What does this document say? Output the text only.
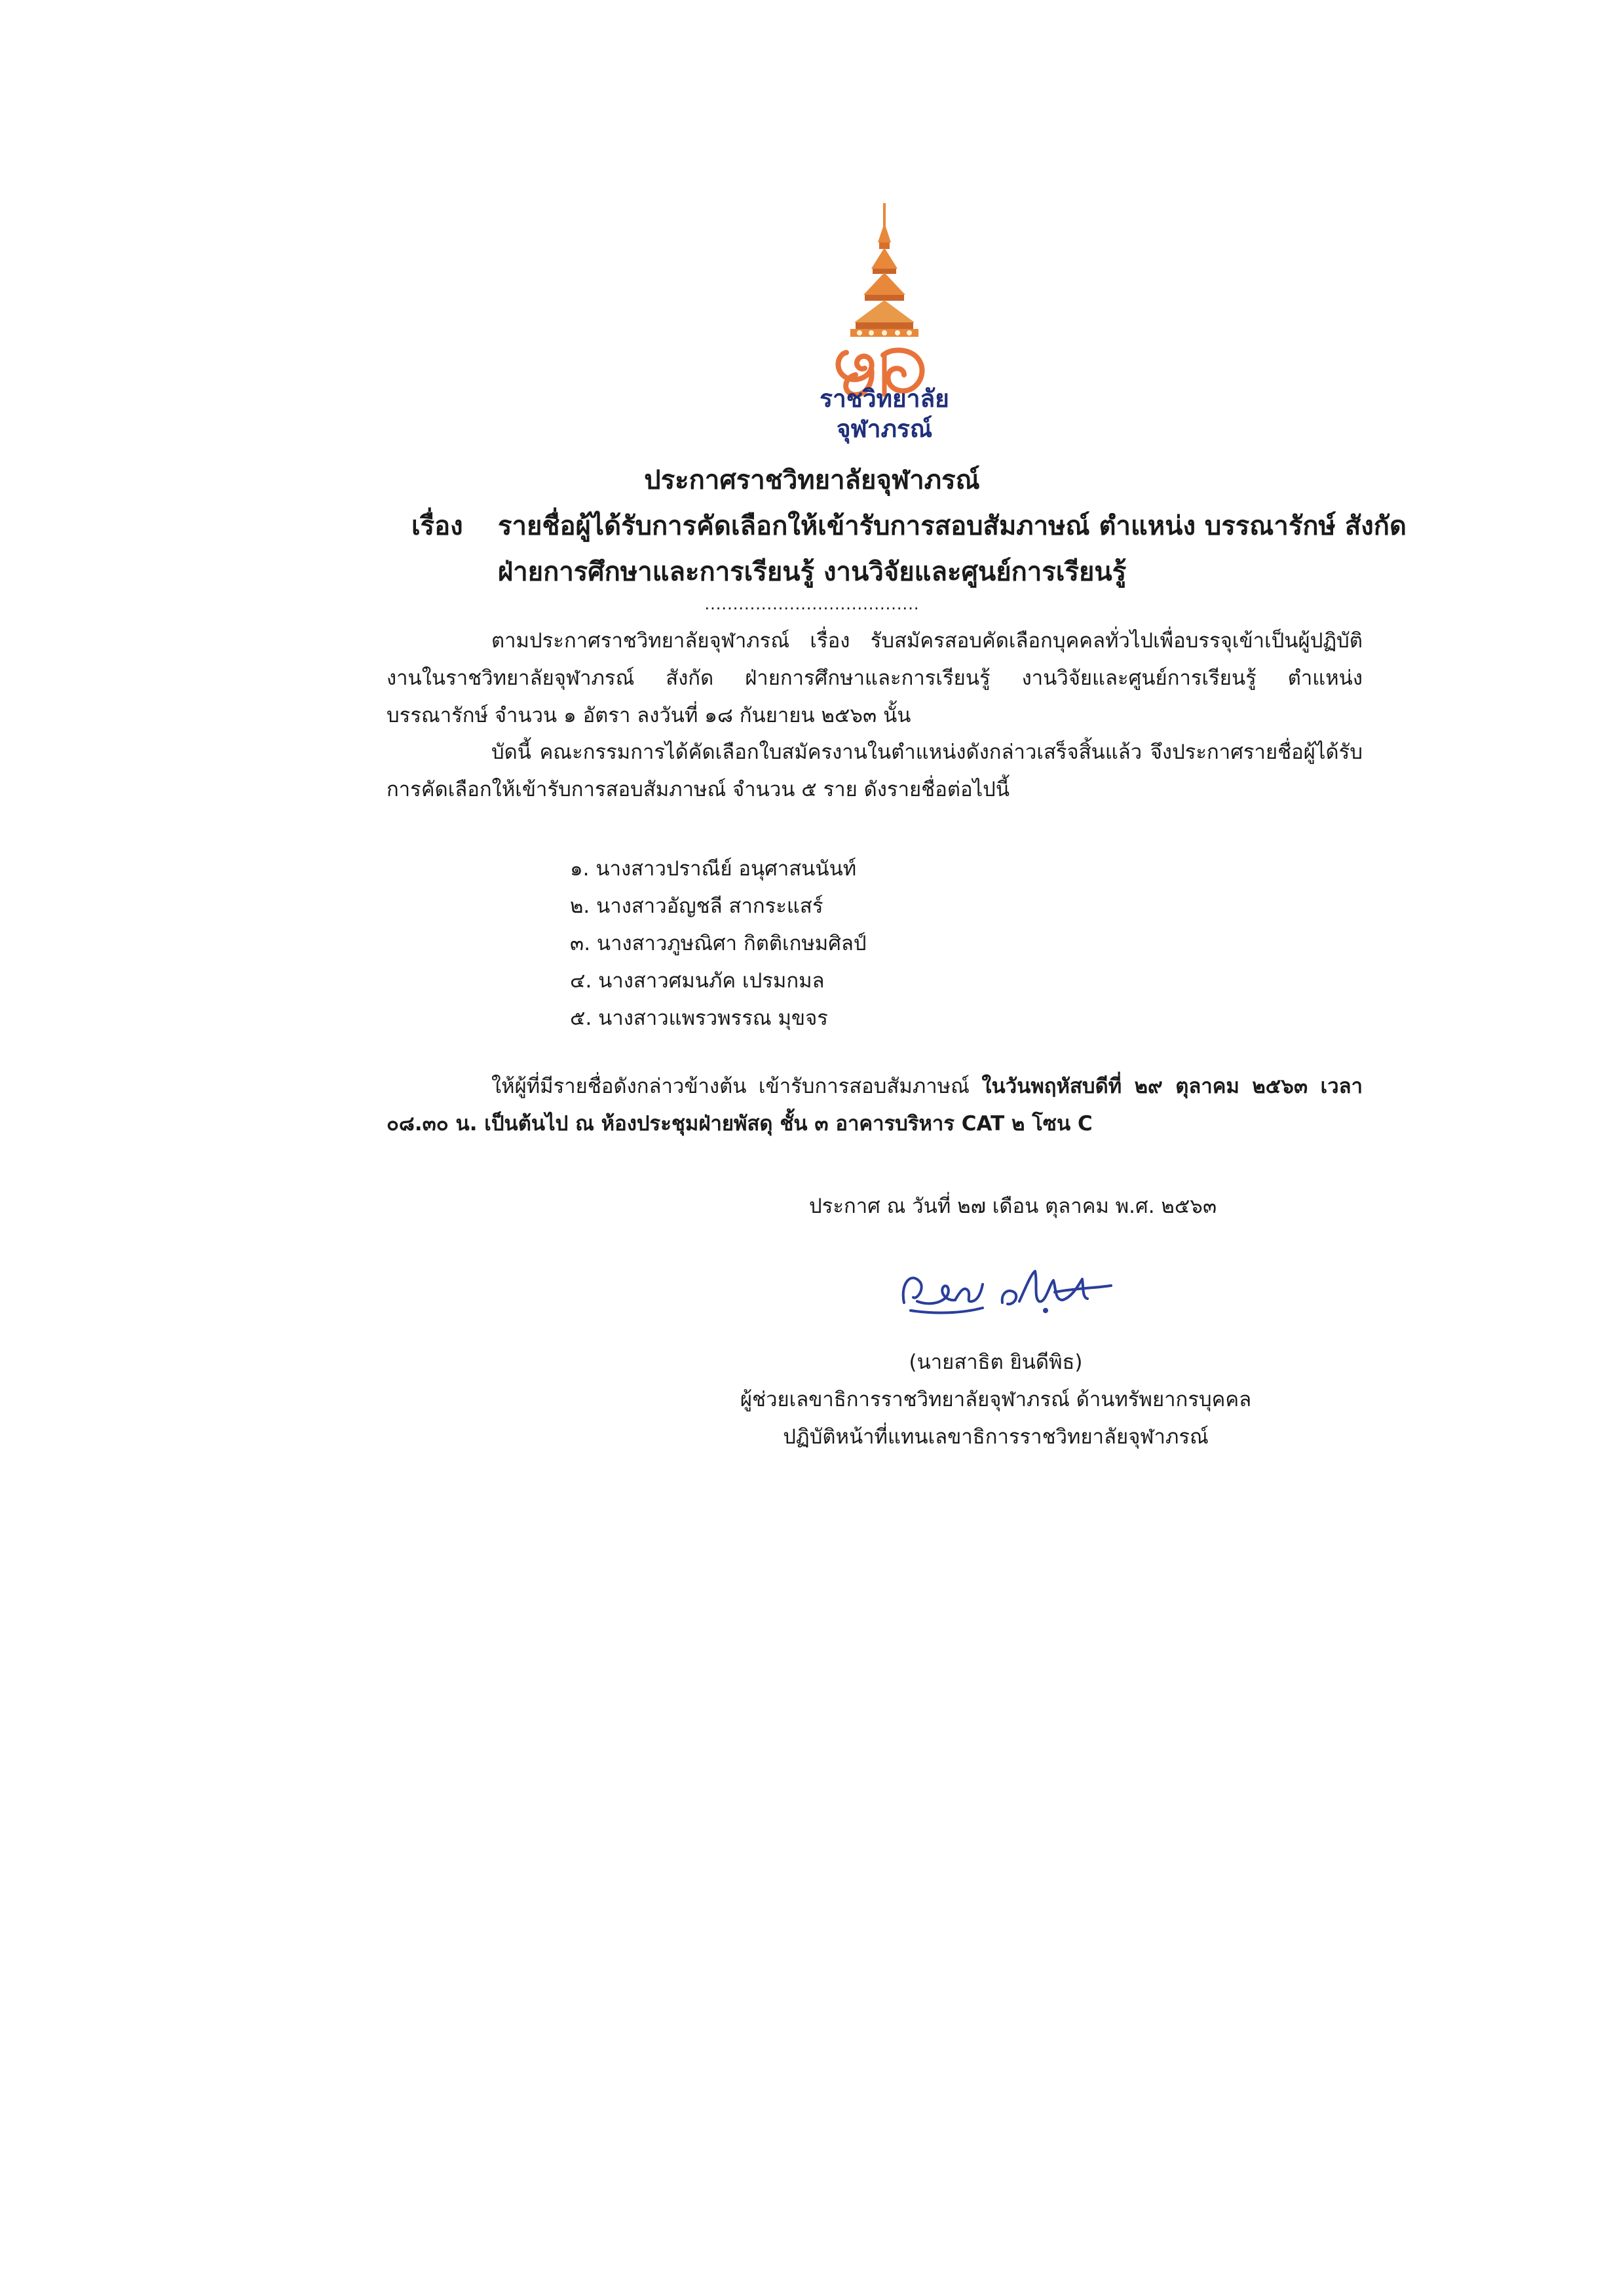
ราชวิทยาลัย
จุฬาภรณ์
ประกาศราชวิทยาลัยจุฬาภรณ์
เรื่อง รายชื่อผู้ได้รับการคัดเลือกให้เข้ารับการสอบสัมภาษณ์ ตำแหน่ง บรรณารักษ์ สังกัด
ฝ่ายการศึกษาและการเรียนรู้ งานวิจัยและศูนย์การเรียนรู้
......................................
ตามประกาศราชวิทยาลัยจุฬาภรณ์ เรื่อง รับสมัครสอบคัดเลือกบุคคลทั่วไปเพื่อบรรจุเข้าเป็นผู้ปฏิบัติงานในราชวิทยาลัยจุฬาภรณ์ สังกัด ฝ่ายการศึกษาและการเรียนรู้ งานวิจัยและศูนย์การเรียนรู้ ตำแหน่ง บรรณารักษ์ จำนวน ๑ อัตรา ลงวันที่ ๑๘ กันยายน ๒๕๖๓ นั้น
บัดนี้ คณะกรรมการได้คัดเลือกใบสมัครงานในตำแหน่งดังกล่าวเสร็จสิ้นแล้ว จึงประกาศรายชื่อผู้ได้รับการคัดเลือกให้เข้ารับการสอบสัมภาษณ์ จำนวน ๕ ราย ดังรายชื่อต่อไปนี้
๑. นางสาวปราณีย์ อนุศาสนนันท์
๒. นางสาวอัญชลี สากระแสร์
๓. นางสาวภูษณิศา กิตติเกษมศิลป์
๔. นางสาวศมนภัค เปรมกมล
๕. นางสาวแพรวพรรณ มุขจร
ให้ผู้ที่มีรายชื่อดังกล่าวข้างต้น เข้ารับการสอบสัมภาษณ์ ในวันพฤหัสบดีที่ ๒๙ ตุลาคม ๒๕๖๓ เวลา ๐๘.๓๐ น. เป็นต้นไป ณ ห้องประชุมฝ่ายพัสดุ ชั้น ๓ อาคารบริหาร CAT ๒ โซน C
ประกาศ ณ วันที่ ๒๗ เดือน ตุลาคม พ.ศ. ๒๕๖๓
(นายสาธิต ยินดีพิธ)
ผู้ช่วยเลขาธิการราชวิทยาลัยจุฬาภรณ์ ด้านทรัพยากรบุคคล
ปฏิบัติหน้าที่แทนเลขาธิการราชวิทยาลัยจุฬาภรณ์
